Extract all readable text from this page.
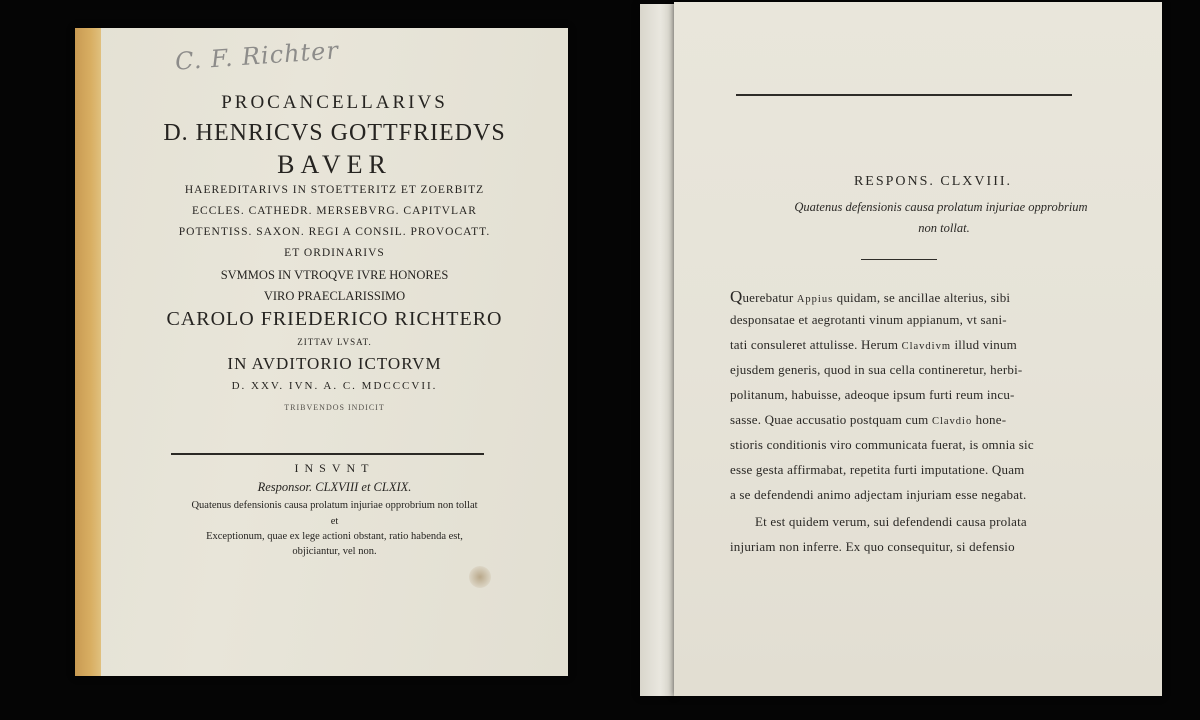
C. F. Richter
PROCANCELLARIVS
D. HENRICVS GOTTFRIEDVS
BAVER
HAEREDITARIVS IN STOETTERITZ ET ZOERBITZ
ECCLES. CATHEDR. MERSEBVRG. CAPITVLAR
POTENTISS. SAXON. REGI A CONSIL. PROVOCATT.
ET ORDINARIVS
SVMMOS IN VTROQVE IVRE HONORES
VIRO PRAECLARISSIMO
CAROLO FRIEDERICO RICHTERO
ZITTAV LVSAT.
IN AVDITORIO ICTORVM
D. XXV. IVN. A. C. MDCCCVII.
TRIBVENDOS INDICIT
INSVNT
Responsor. CLXVIII et CLXIX.
Quatenus defensionis causa prolatum injuriae opprobrium non tollat
et
Exceptionum, quae ex lege actioni obstant, ratio habenda est,
objiciantur, vel non.
RESPONS. CLXVIII.
Quatenus defensionis causa prolatum injuriae opprobrium
non tollat.
Querebatur Appius quidam, se ancillae alterius, sibi
desponsatae et aegrotanti vinum appianum, vt sani-
tati consuleret attulisse. Herum Clavdivm illud vinum
ejusdem generis, quod in sua cella contineretur, herbi-
politanum, habuisse, adeoque ipsum furti reum incu-
sasse. Quae accusatio postquam cum Clavdio hone-
stioris conditionis viro communicata fuerat, is omnia sic
esse gesta affirmabat, repetita furti imputatione. Quam
a se defendendi animo adjectam injuriam esse negabat.
Et est quidem verum, sui defendendi causa prolata
injuriam non inferre. Ex quo consequitur, si defensio
